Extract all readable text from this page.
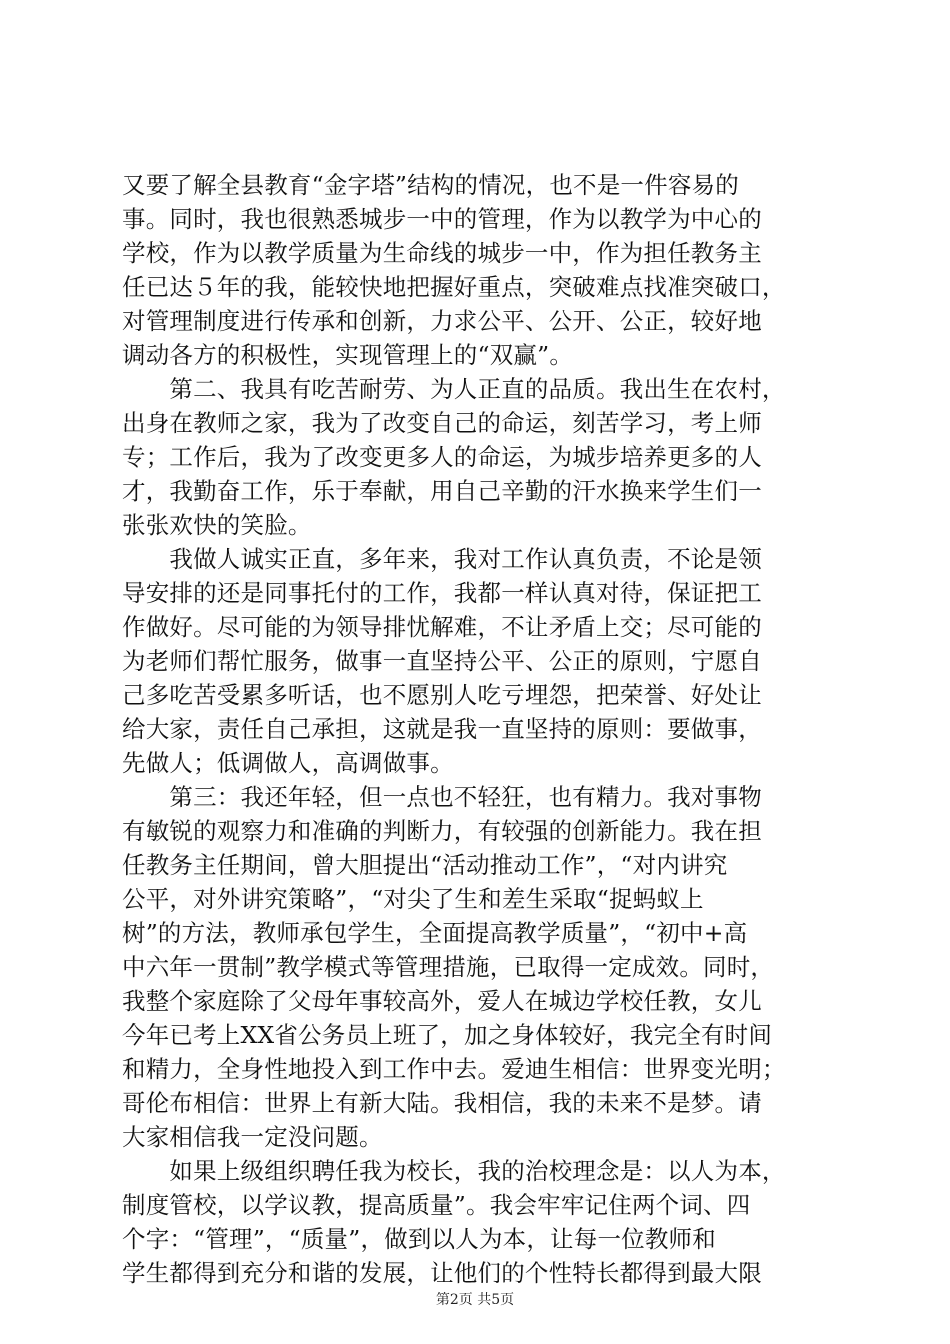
又要了解全县教育“金字塔”结构的情况，也不是一件容易的
事。同时，我也很熟悉城步一中的管理，作为以教学为中心的
学校，作为以教学质量为生命线的城步一中，作为担任教务主
任已达５年的我，能较快地把握好重点，突破难点找准突破口，
对管理制度进行传承和创新，力求公平、公开、公正，较好地
调动各方的积极性，实现管理上的“双赢”。
　　第二、我具有吃苦耐劳、为人正直的品质。我出生在农村，
出身在教师之家，我为了改变自己的命运，刻苦学习，考上师
专；工作后，我为了改变更多人的命运，为城步培养更多的人
才，我勤奋工作，乐于奉献，用自己辛勤的汗水换来学生们一
张张欢快的笑脸。
　　我做人诚实正直，多年来，我对工作认真负责，不论是领
导安排的还是同事托付的工作，我都一样认真对待，保证把工
作做好。尽可能的为领导排忧解难，不让矛盾上交；尽可能的
为老师们帮忙服务，做事一直坚持公平、公正的原则，宁愿自
己多吃苦受累多听话，也不愿别人吃亏埋怨，把荣誉、好处让
给大家，责任自己承担，这就是我一直坚持的原则：要做事，
先做人；低调做人，高调做事。
　　第三：我还年轻，但一点也不轻狂，也有精力。我对事物
有敏锐的观察力和准确的判断力，有较强的创新能力。我在担
任教务主任期间，曾大胆提出“活动推动工作”，“对内讲究
公平，对外讲究策略”，“对尖了生和差生采取“捉蚂蚁上
树”的方法，教师承包学生，全面提高教学质量”，“初中+高
中六年一贯制”教学模式等管理措施，已取得一定成效。同时，
我整个家庭除了父母年事较高外，爱人在城边学校任教，女儿
今年已考上XX省公务员上班了，加之身体较好，我完全有时间
和精力，全身性地投入到工作中去。爱迪生相信：世界变光明；
哥伦布相信：世界上有新大陆。我相信，我的未来不是梦。请
大家相信我一定没问题。
　　如果上级组织聘任我为校长，我的治校理念是：以人为本，
制度管校，以学议教，提高质量”。我会牢牢记住两个词、四
个字：“管理”，“质量”，做到以人为本，让每一位教师和
学生都得到充分和谐的发展，让他们的个性特长都得到最大限
第2页 共5页
